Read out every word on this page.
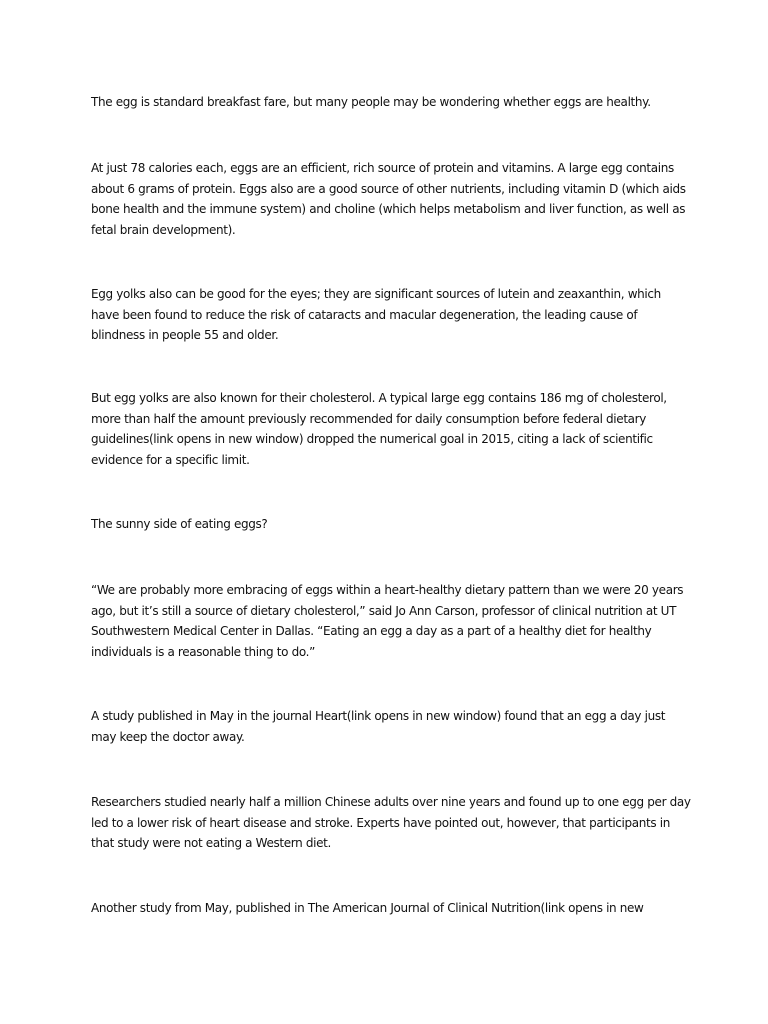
The egg is standard breakfast fare, but many people may be wondering whether eggs are healthy.

At just 78 calories each, eggs are an efficient, rich source of protein and vitamins. A large egg contains about 6 grams of protein. Eggs also are a good source of other nutrients, including vitamin D (which aids bone health and the immune system) and choline (which helps metabolism and liver function, as well as fetal brain development).

Egg yolks also can be good for the eyes; they are significant sources of lutein and zeaxanthin, which have been found to reduce the risk of cataracts and macular degeneration, the leading cause of blindness in people 55 and older.

But egg yolks are also known for their cholesterol. A typical large egg contains 186 mg of cholesterol, more than half the amount previously recommended for daily consumption before federal dietary guidelines(link opens in new window) dropped the numerical goal in 2015, citing a lack of scientific evidence for a specific limit.

The sunny side of eating eggs?

“We are probably more embracing of eggs within a heart-healthy dietary pattern than we were 20 years ago, but it’s still a source of dietary cholesterol,” said Jo Ann Carson, professor of clinical nutrition at UT Southwestern Medical Center in Dallas. “Eating an egg a day as a part of a healthy diet for healthy individuals is a reasonable thing to do.”

A study published in May in the journal Heart(link opens in new window) found that an egg a day just may keep the doctor away.

Researchers studied nearly half a million Chinese adults over nine years and found up to one egg per day led to a lower risk of heart disease and stroke. Experts have pointed out, however, that participants in that study were not eating a Western diet.

Another study from May, published in The American Journal of Clinical Nutrition(link opens in new
